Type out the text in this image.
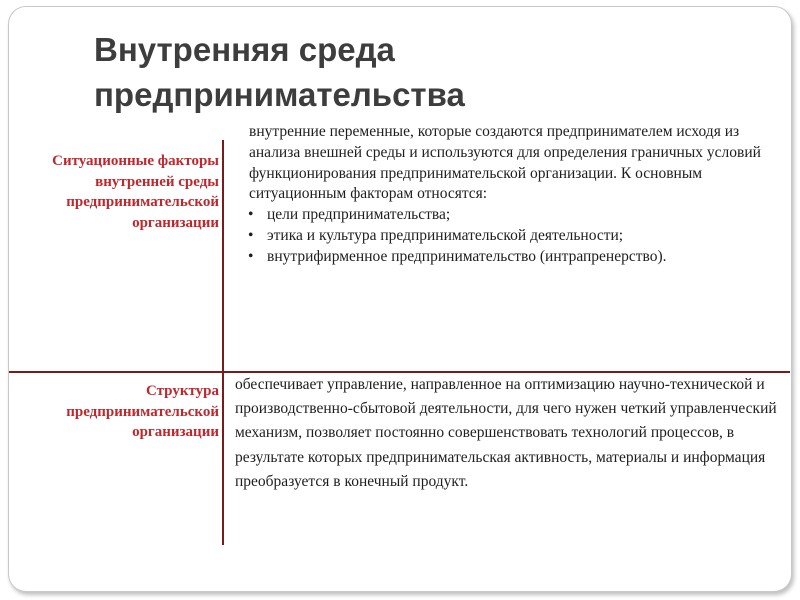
Внутренняя среда предпринимательства
Ситуационные факторы внутренней среды предпринимательской организации

внутренние переменные, которые создаются предпринимателем исходя из анализа внешней среды и используются для определения граничных условий функционирования предпринимательской организации. К основным ситуационным факторам относятся:

• цели предпринимательства;
• этика и культура предпринимательской деятельности;
• внутрифирменное предпринимательство (интрапренерство).
Структура предпринимательской организации

обеспечивает управление, направленное на оптимизацию научно-технической и производственно-сбытовой деятельности, для чего нужен четкий управленческий механизм, позволяет постоянно совершенствовать технологий процессов, в результате которых предпринимательская активность, материалы и информация преобразуется в конечный продукт.
